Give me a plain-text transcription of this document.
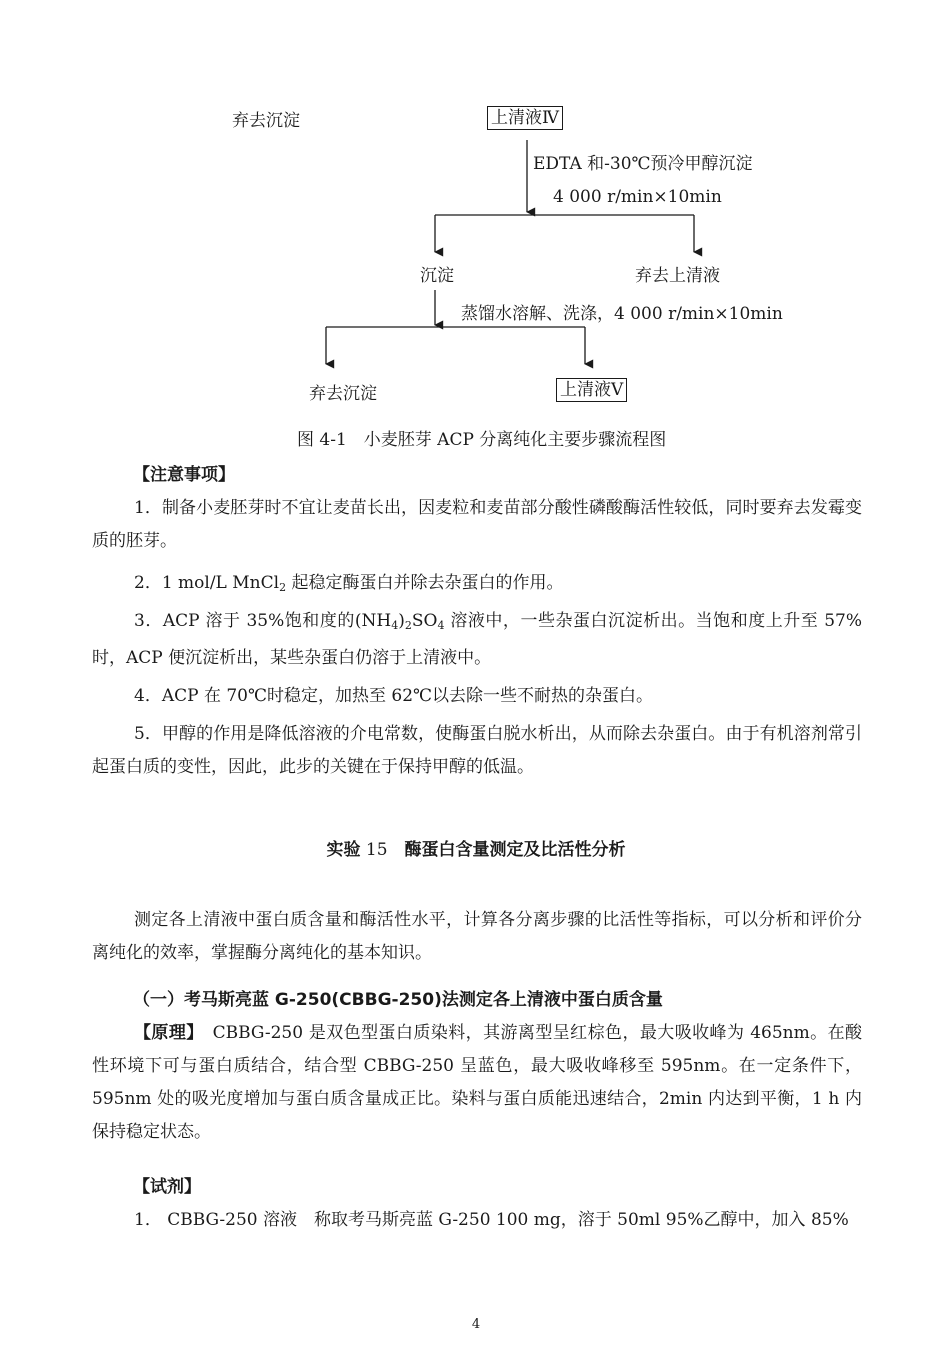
弃去沉淀	上清液Ⅳ
EDTA 和-30℃预冷甲醇沉淀
4 000 r/min×10min
沉淀	弃去上清液
蒸馏水溶解、洗涤，4 000 r/min×10min
弃去沉淀	上清液Ⅴ
图 4-1　小麦胚芽 ACP 分离纯化主要步骤流程图
【注意事项】

1．制备小麦胚芽时不宜让麦苗长出，因麦粒和麦苗部分酸性磷酸酶活性较低，同时要弃去发霉变质的胚芽。

2．1 mol/L MnCl$_2$ 起稳定酶蛋白并除去杂蛋白的作用。

3．ACP 溶于 35%饱和度的$(NH_4)_2SO_4$ 溶液中，一些杂蛋白沉淀析出。当饱和度上升至 57%时，ACP 便沉淀析出，某些杂蛋白仍溶于上清液中。

4．ACP 在 70℃时稳定，加热至 62℃以去除一些不耐热的杂蛋白。

5．甲醇的作用是降低溶液的介电常数，使酶蛋白脱水析出，从而除去杂蛋白。由于有机溶剂常引起蛋白质的变性，因此，此步的关键在于保持甲醇的低温。

实验 15　酶蛋白含量测定及比活性分析

测定各上清液中蛋白质含量和酶活性水平，计算各分离步骤的比活性等指标，可以分析和评价分离纯化的效率，掌握酶分离纯化的基本知识。

（一）考马斯亮蓝 G-250(CBBG-250)法测定各上清液中蛋白质含量

【原理】　CBBG-250 是双色型蛋白质染料，其游离型呈红棕色，最大吸收峰为 465nm。在酸性环境下可与蛋白质结合，结合型 CBBG-250 呈蓝色，最大吸收峰移至 595nm。在一定条件下，595nm 处的吸光度增加与蛋白质含量成正比。染料与蛋白质能迅速结合，2min 内达到平衡，1 h 内保持稳定状态。

【试剂】

1． CBBG-250 溶液　称取考马斯亮蓝 G-250 100 mg，溶于 50ml 95%乙醇中，加入 85%

4
